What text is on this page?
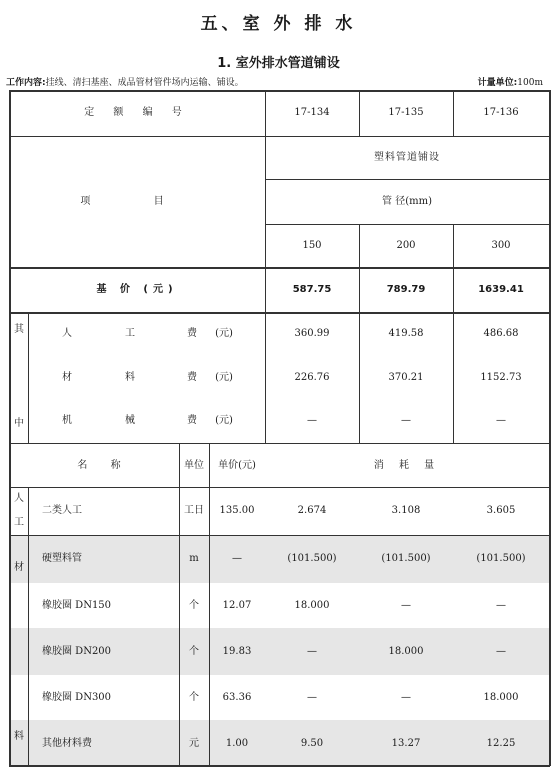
五、室 外 排 水
1. 室外排水管道铺设
工作内容:挂线、清扫基座、成品管材管件场内运输、铺设。	计量单位:100m
定 额 编 号	17-134	17-135	17-136
项 目
塑料管道铺设
管 径(mm)
150	200	300
基 价 (元)	587.75	789.79	1639.41
其
中
人	工	费 (元)	360.99	419.58	486.68
材	料	费 (元)	226.76	370.21	1152.73
机	械	费 (元)	—	—	—
名 称	单位 单价(元)	消 耗 量
人
工
二类人工	工日 135.00	2.674	3.108	3.605
材
料
硬塑料管	m	—	(101.500)	(101.500)	(101.500)
橡胶圈 DN150	个 12.07	18.000	—	—
橡胶圈 DN200	个 19.83	—	18.000	—
橡胶圈 DN300	个 63.36	—	—	18.000
其他材料费	元	1.00	9.50	13.27	12.25
